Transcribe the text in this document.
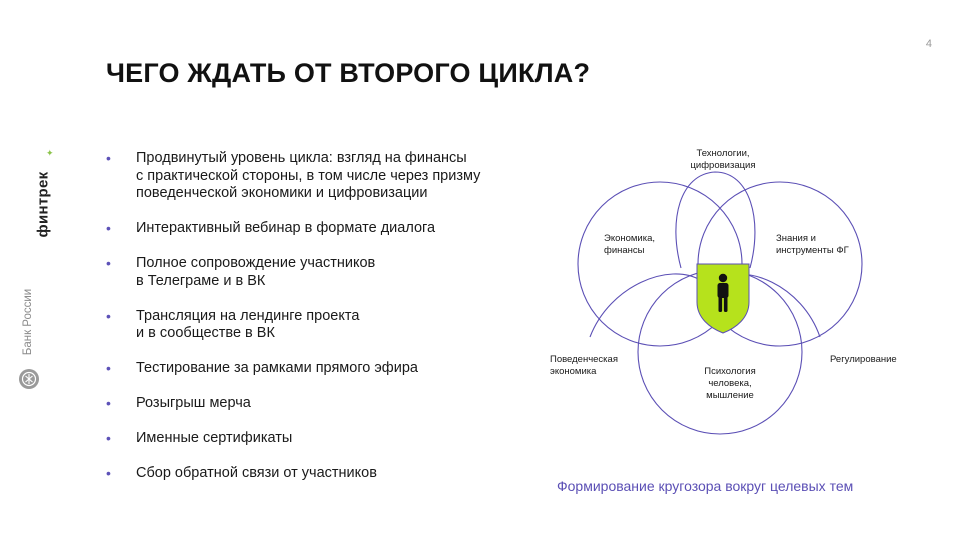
4
ЧЕГО ЖДАТЬ ОТ ВТОРОГО ЦИКЛА?
✦
финтрек
Банк России
• Продвинутый уровень цикла: взгляд на финансы
с практической стороны, в том числе через призму
поведенческой экономики и цифровизации
• Интерактивный вебинар в формате диалога
• Полное сопровождение участников
в Телеграме и в ВК
• Трансляция на лендинге проекта
и в сообществе в ВК
• Тестирование за рамками прямого эфира
• Розыгрыш мерча
• Именные сертификаты
• Сбор обратной связи от участников
Технологии,
цифровизация
Экономика,
финансы
Знания и
инструменты ФГ
Поведенческая
экономика	Психология
человека,
мышление
Регулирование
Формирование кругозора вокруг целевых тем
